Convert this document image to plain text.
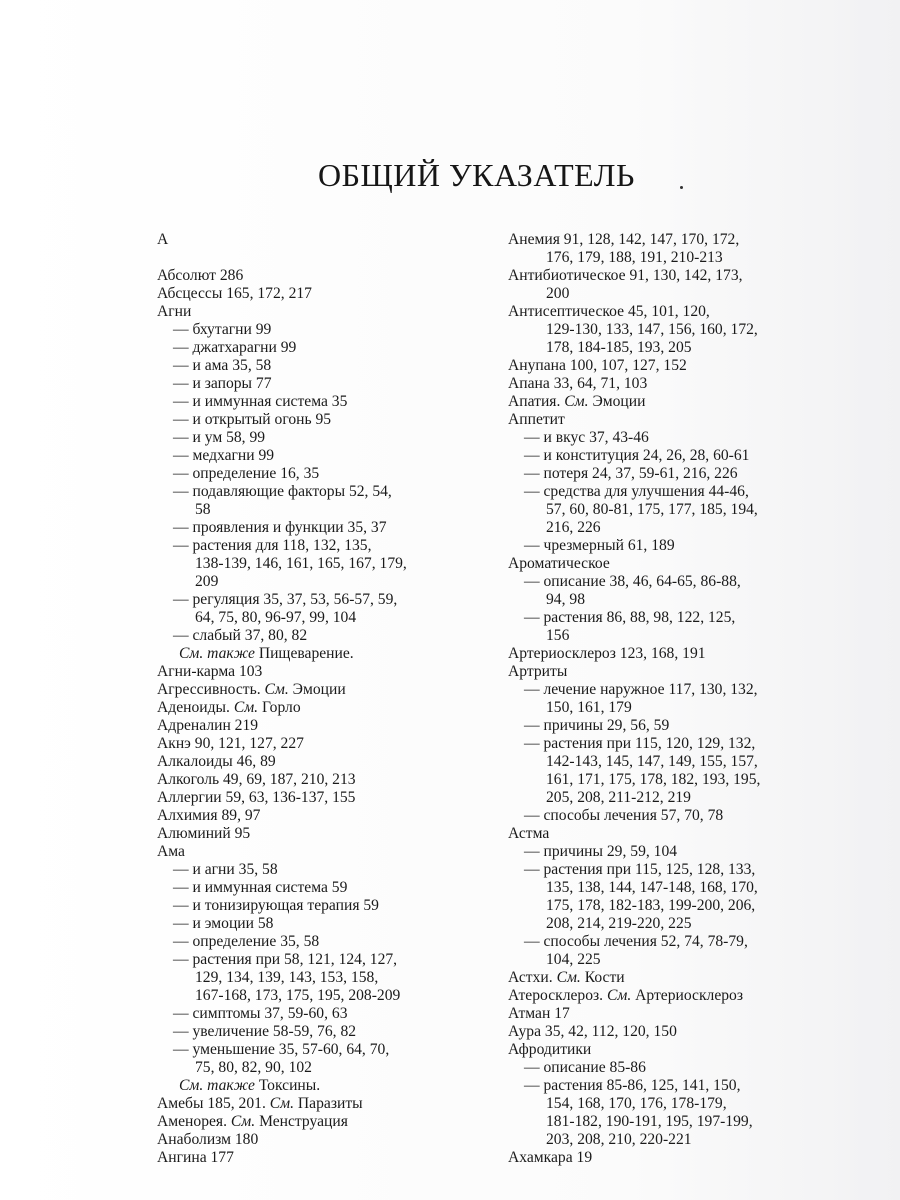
ОБЩИЙ УКАЗАТЕЛЬ
А
Абсолют 286
Абсцессы 165, 172, 217
Агни
— бхутагни 99
— джатхарагни 99
— и ама 35, 58
— и запоры 77
— и иммунная система 35
— и открытый огонь 95
— и ум 58, 99
— медхагни 99
— определение 16, 35
— подавляющие факторы 52, 54,
58
— проявления и функции 35, 37
— растения для 118, 132, 135,
138-139, 146, 161, 165, 167, 179,
209
— регуляция 35, 37, 53, 56-57, 59,
64, 75, 80, 96-97, 99, 104
— слабый 37, 80, 82
См. также Пищеварение.
Агни-карма 103
Агрессивность. См. Эмоции
Аденоиды. См. Горло
Адреналин 219
Акнэ 90, 121, 127, 227
Алкалоиды 46, 89
Алкоголь 49, 69, 187, 210, 213
Аллергии 59, 63, 136-137, 155
Алхимия 89, 97
Алюминий 95
Ама
— и агни 35, 58
— и иммунная система 59
— и тонизирующая терапия 59
— и эмоции 58
— определение 35, 58
— растения при 58, 121, 124, 127,
129, 134, 139, 143, 153, 158,
167-168, 173, 175, 195, 208-209
— симптомы 37, 59-60, 63
— увеличение 58-59, 76, 82
— уменьшение 35, 57-60, 64, 70,
75, 80, 82, 90, 102
См. также Токсины.
Амебы 185, 201. См. Паразиты
Аменорея. См. Менструация
Анаболизм 180
Ангина 177
Анемия 91, 128, 142, 147, 170, 172,
176, 179, 188, 191, 210-213
Антибиотическое 91, 130, 142, 173,
200
Антисептическое 45, 101, 120,
129-130, 133, 147, 156, 160, 172,
178, 184-185, 193, 205
Анупана 100, 107, 127, 152
Апана 33, 64, 71, 103
Апатия. См. Эмоции
Аппетит
— и вкус 37, 43-46
— и конституция 24, 26, 28, 60-61
— потеря 24, 37, 59-61, 216, 226
— средства для улучшения 44-46,
57, 60, 80-81, 175, 177, 185, 194,
216, 226
— чрезмерный 61, 189
Ароматическое
— описание 38, 46, 64-65, 86-88,
94, 98
— растения 86, 88, 98, 122, 125,
156
Артериосклероз 123, 168, 191
Артриты
— лечение наружное 117, 130, 132,
150, 161, 179
— причины 29, 56, 59
— растения при 115, 120, 129, 132,
142-143, 145, 147, 149, 155, 157,
161, 171, 175, 178, 182, 193, 195,
205, 208, 211-212, 219
— способы лечения 57, 70, 78
Астма
— причины 29, 59, 104
— растения при 115, 125, 128, 133,
135, 138, 144, 147-148, 168, 170,
175, 178, 182-183, 199-200, 206,
208, 214, 219-220, 225
— способы лечения 52, 74, 78-79,
104, 225
Астхи. См. Кости
Атеросклероз. См. Артериосклероз
Атман 17
Аура 35, 42, 112, 120, 150
Афродитики
— описание 85-86
— растения 85-86, 125, 141, 150,
154, 168, 170, 176, 178-179,
181-182, 190-191, 195, 197-199,
203, 208, 210, 220-221
Ахамкара 19
